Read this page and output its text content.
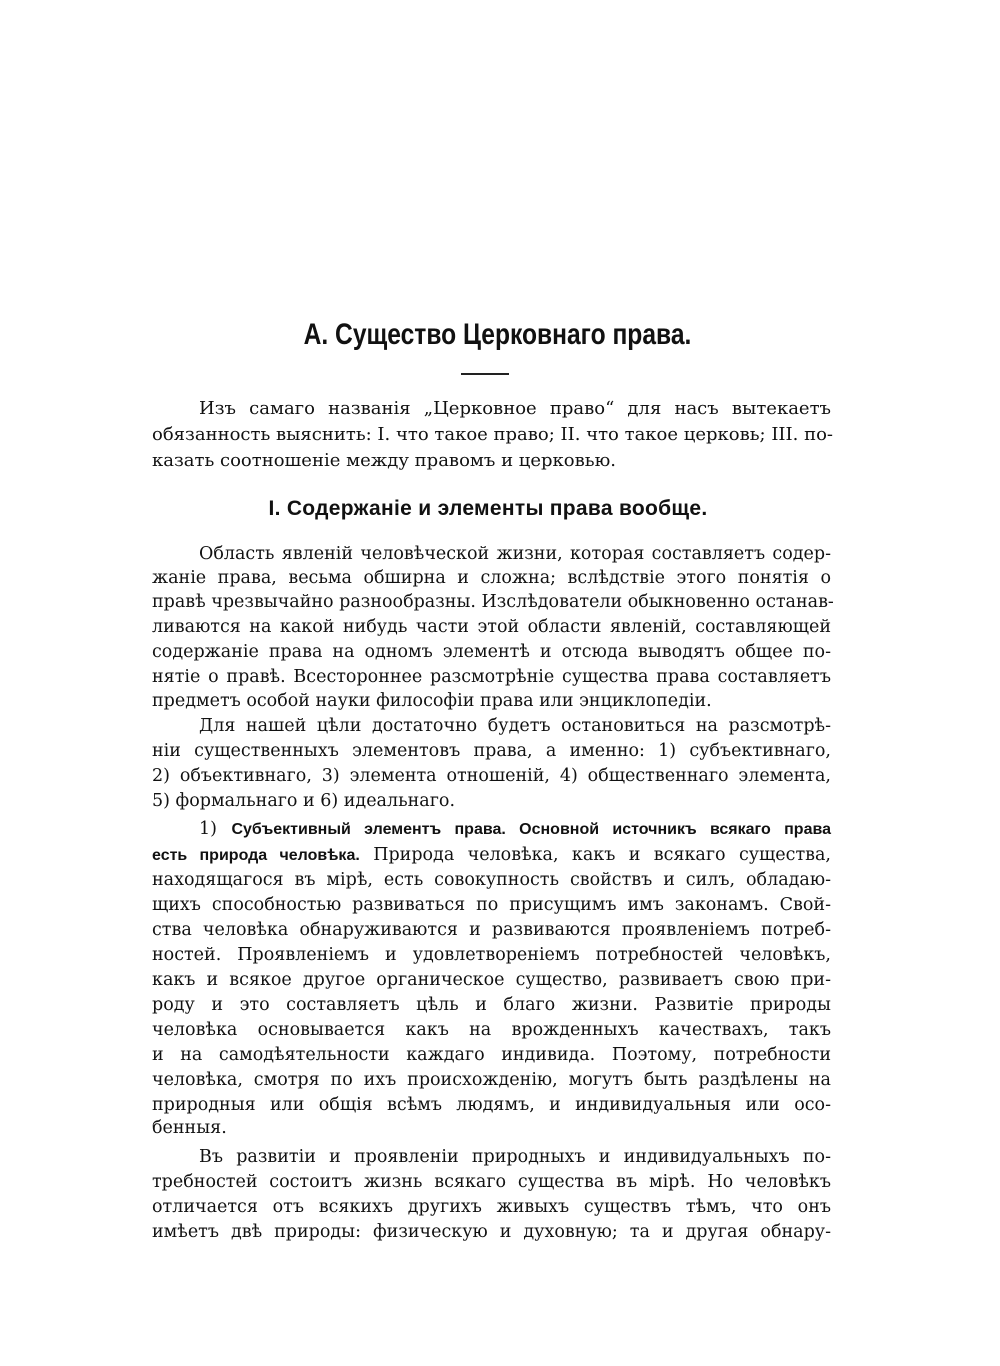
А. Существо Церковнаго права.

Изъ самаго названія „Церковное право“ для насъ вытекаетъ

обязанность выяснить: I. что такое право; II. что такое церковь; III. по-

казать соотношеніе между правомъ и церковью.

I. Содержаніе и элементы права вообще.

Область явленій человѣческой жизни, которая составляетъ содер-

жаніе права, весьма обширна и сложна; вслѣдствіе этого понятія о

правѣ чрезвычайно разнообразны. Изслѣдователи обыкновенно останав-

ливаются на какой нибудь части этой области явленій, составляющей

содержаніе права на одномъ элементѣ и отсюда выводятъ общее по-

нятіе о правѣ. Всестороннее разсмотрѣніе существа права составляетъ

предметъ особой науки философіи права или энциклопедіи.

Для нашей цѣли достаточно будетъ остановиться на разсмотрѣ-

ніи существенныхъ элементовъ права, а именно: 1) субъективнаго,

2) объективнаго, 3) элемента отношеній, 4) общественнаго элемента,

5) формальнаго и 6) идеальнаго.

1) Субъективный элементъ права. Основной источникъ всякаго права

есть природа человѣка. Природа человѣка, какъ и всякаго существа,

находящагося въ мірѣ, есть совокупность свойствъ и силъ, обладаю-

щихъ способностью развиваться по присущимъ имъ законамъ. Свой-

ства человѣка обнаруживаются и развиваются проявленіемъ потреб-

ностей. Проявленіемъ и удовлетвореніемъ потребностей человѣкъ,

какъ и всякое другое органическое существо, развиваетъ свою при-

роду и это составляетъ цѣль и благо жизни. Развитіе природы

человѣка основывается какъ на врожденныхъ качествахъ, такъ

и на самодѣятельности каждаго индивида. Поэтому, потребности

человѣка, смотря по ихъ происхожденію, могутъ быть раздѣлены на

природныя или общія всѣмъ людямъ, и индивидуальныя или осо-

бенныя.

Въ развитіи и проявленіи природныхъ и индивидуальныхъ по-

требностей состоитъ жизнь всякаго существа въ мірѣ. Но человѣкъ

отличается отъ всякихъ другихъ живыхъ существъ тѣмъ, что онъ

имѣетъ двѣ природы: физическую и духовную; та и другая обнару-
